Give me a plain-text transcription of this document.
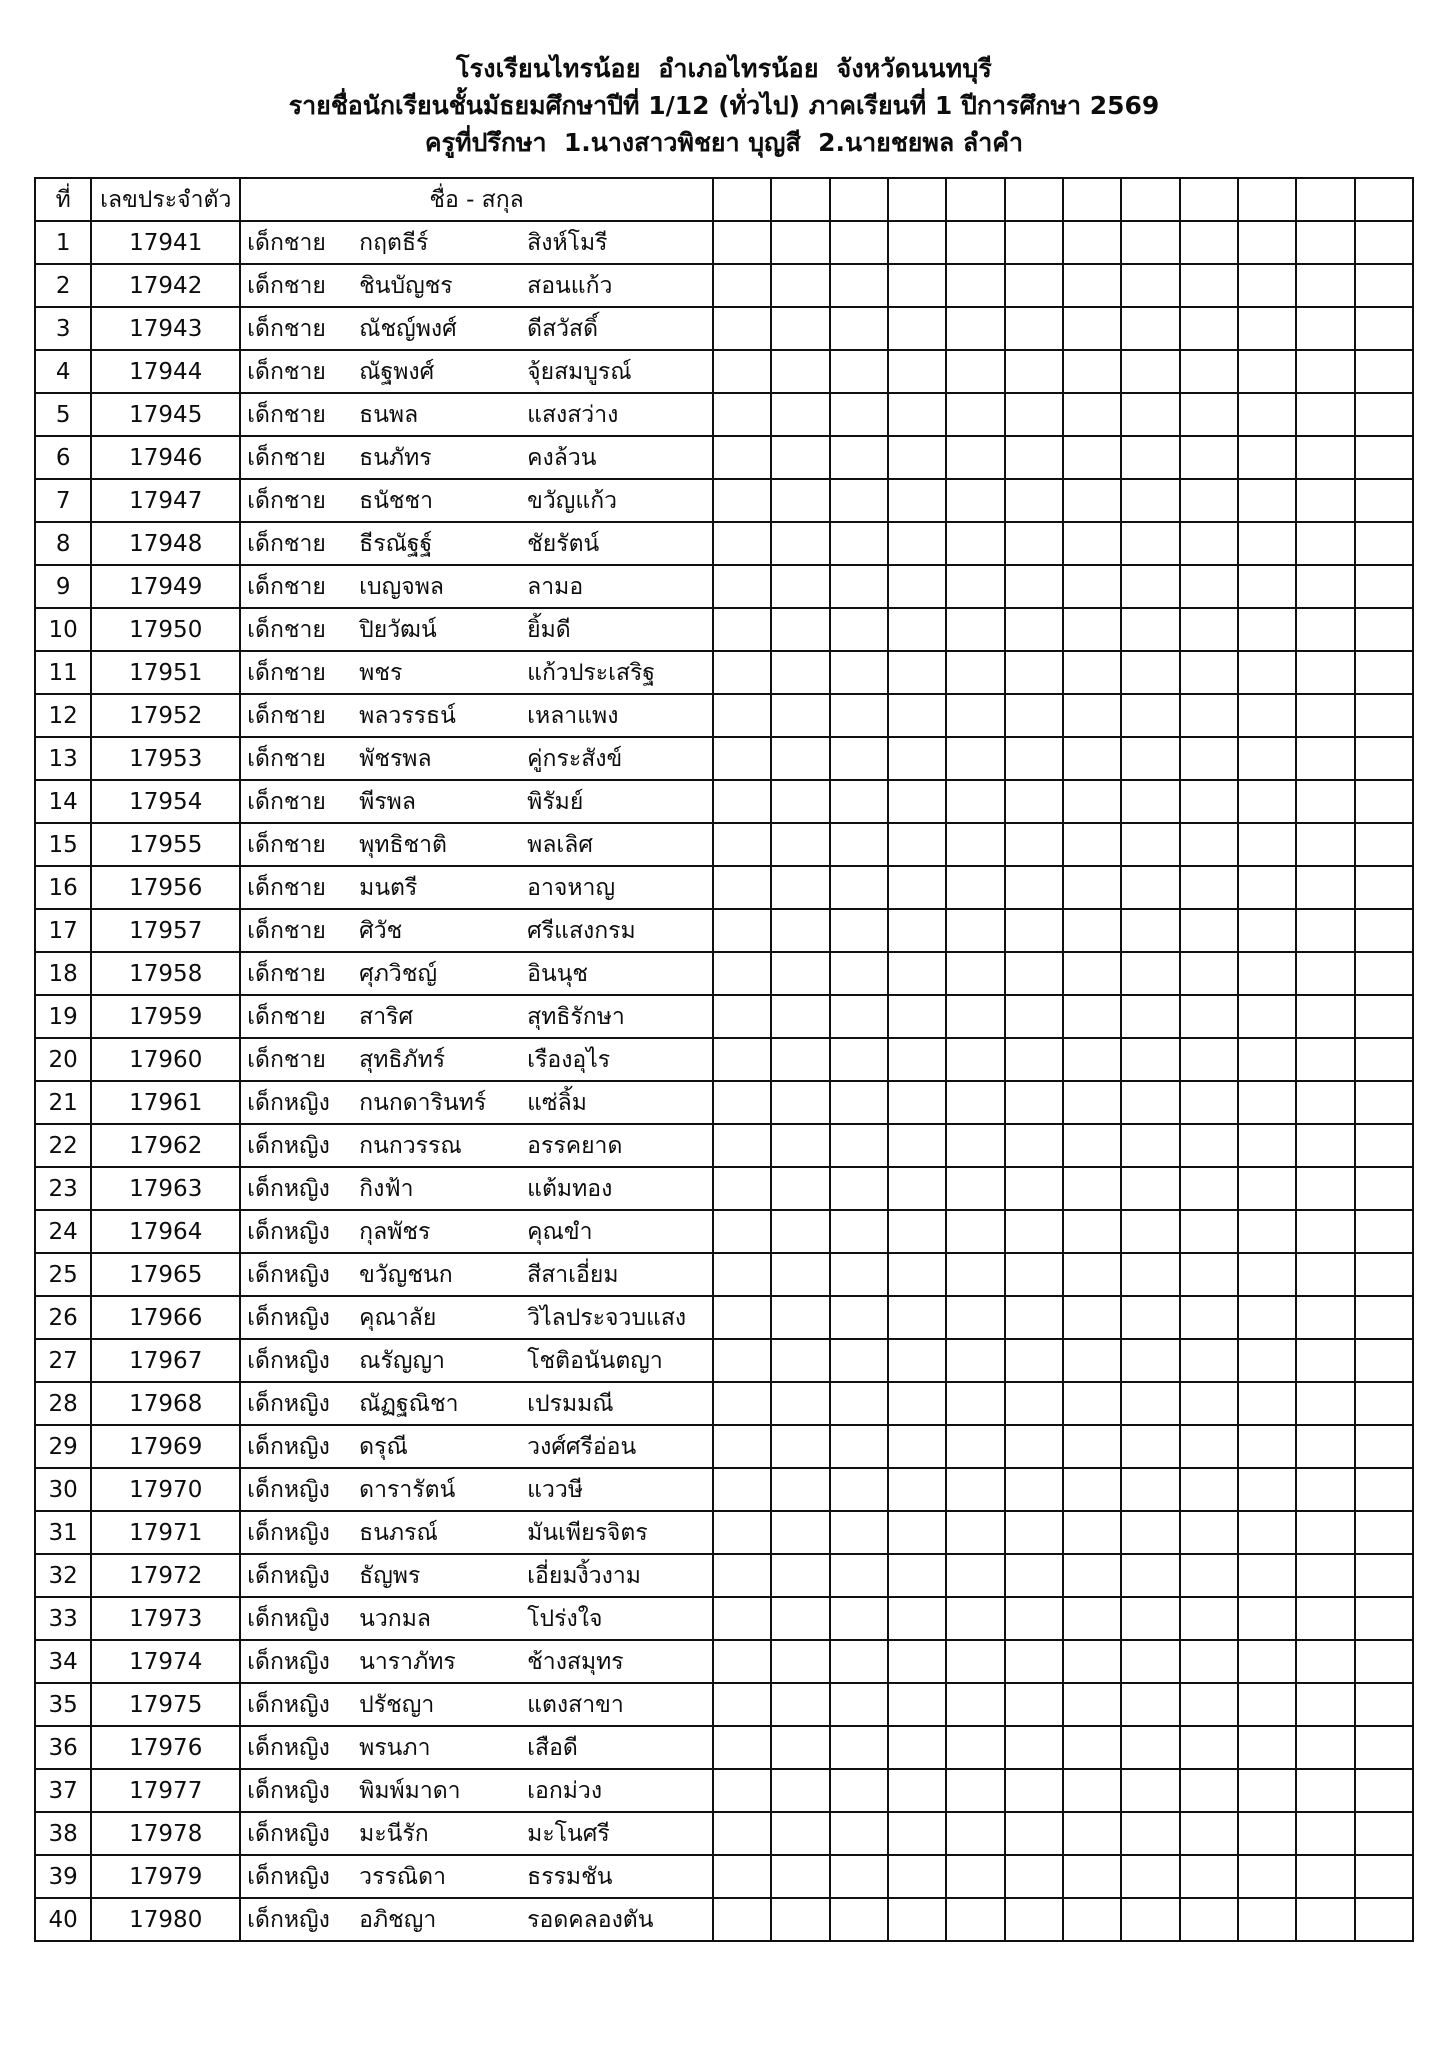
โรงเรียนไทรน้อย  อำเภอไทรน้อย  จังหวัดนนทบุรี
รายชื่อนักเรียนชั้นมัธยมศึกษาปีที่ 1/12 (ทั่วไป) ภาคเรียนที่ 1 ปีการศึกษา 2569
ครูที่ปรึกษา  1.นางสาวพิชยา บุญสี  2.นายชยพล ลำคำ
ที่	เลขประจำตัว	ชื่อ - สกุล												
1	17941	เด็กชาย กฤตธีร์ สิงห์โมรี												

2	17942	เด็กชาย ชินบัญชร สอนแก้ว												

3	17943	เด็กชาย ณัชญ์พงศ์ ดีสวัสดิ์												

4	17944	เด็กชาย ณัฐพงศ์ จุ้ยสมบูรณ์												

5	17945	เด็กชาย ธนพล แสงสว่าง												

6	17946	เด็กชาย ธนภัทร คงล้วน												

7	17947	เด็กชาย ธนัชชา ขวัญแก้ว												

8	17948	เด็กชาย ธีรณัฐฐ์ ชัยรัตน์												

9	17949	เด็กชาย เบญจพล ลามอ												

10	17950	เด็กชาย ปิยวัฒน์ ยิ้มดี												

11	17951	เด็กชาย พชร แก้วประเสริฐ												

12	17952	เด็กชาย พลวรรธน์ เหลาแพง												

13	17953	เด็กชาย พัชรพล คู่กระสังข์												

14	17954	เด็กชาย พีรพล พิรัมย์												

15	17955	เด็กชาย พุทธิชาติ พลเลิศ												

16	17956	เด็กชาย มนตรี อาจหาญ												

17	17957	เด็กชาย ศิวัช ศรีแสงกรม												

18	17958	เด็กชาย ศุภวิชญ์ อินนุช												

19	17959	เด็กชาย สาริศ สุทธิรักษา												

20	17960	เด็กชาย สุทธิภัทร์ เรืองอุไร												

21	17961	เด็กหญิง กนกดารินทร์ แซ่ลิ้ม												

22	17962	เด็กหญิง กนกวรรณ อรรคยาด												

23	17963	เด็กหญิง กิงฟ้า แต้มทอง												

24	17964	เด็กหญิง กุลพัชร คุณขำ												

25	17965	เด็กหญิง ขวัญชนก สีสาเอี่ยม												

26	17966	เด็กหญิง คุณาลัย วิไลประจวบแสง												

27	17967	เด็กหญิง ณรัญญา โชติอนันตญา												

28	17968	เด็กหญิง ณัฏฐณิชา เปรมมณี												

29	17969	เด็กหญิง ดรุณี วงศ์ศรีอ่อน												

30	17970	เด็กหญิง ดารารัตน์ แววษี												

31	17971	เด็กหญิง ธนภรณ์ มันเพียรจิตร												

32	17972	เด็กหญิง ธัญพร เอี่ยมงิ้วงาม												

33	17973	เด็กหญิง นวกมล โปร่งใจ												

34	17974	เด็กหญิง นาราภัทร ช้างสมุทร												

35	17975	เด็กหญิง ปรัชญา แตงสาขา												

36	17976	เด็กหญิง พรนภา เสือดี												

37	17977	เด็กหญิง พิมพ์มาดา เอกม่วง												

38	17978	เด็กหญิง มะนีรัก มะโนศรี												

39	17979	เด็กหญิง วรรณิดา ธรรมชัน												

40	17980	เด็กหญิง อภิชญา รอดคลองตัน												
